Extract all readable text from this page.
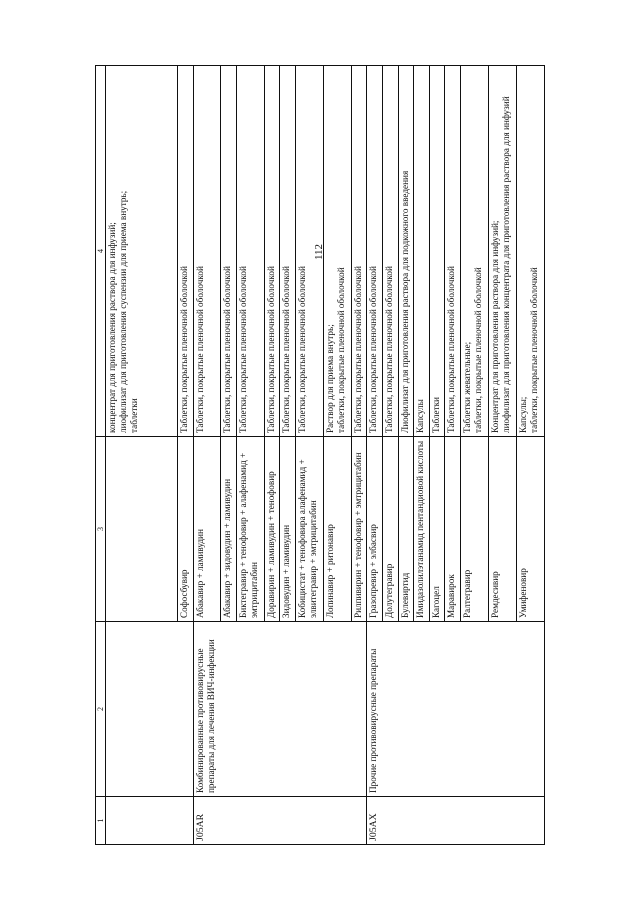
112
1	2	3	4

			концентрат для приготовления раствора для инфузий; лиофилизат для приготовления суспензии для приема внутрь; таблетки

		Софосбувир	Таблетки, покрытые пленочной оболочкой
J05AR	Комбинированные противовирусные препараты для лечения ВИЧ-инфекции	Абакавир + ламивудин	Таблетки, покрытые пленочной оболочкой
		Абакавир + зидовудин + ламивудин	Таблетки, покрытые пленочной оболочкой
		Биктегравир + тенофовир + алафенамид + эмтрицитабин	Таблетки, покрытые пленочной оболочкой
		Доравирин + ламивудин + тенофовир	Таблетки, покрытые пленочной оболочкой
		Зидовудин + ламивудин	Таблетки, покрытые пленочной оболочкой
		Кобицистат + тенофовира алафенамид + элвитегравир + эмтрицитабин	Таблетки, покрытые пленочной оболочкой
		Лопинавир + ритонавир	Раствор для приема внутрь; таблетки, покрытые пленочной оболочкой

		Рилпивирин + тенофовир + эмтрицитабин	Таблетки, покрытые пленочной оболочкой
J05AX	Прочие противовирусные препараты	Гразопревир + элбасвир	Таблетки, покрытые пленочной оболочкой
		Долутегравир	Таблетки, покрытые пленочной оболочкой
		Булевиртид	Лиофилизат для приготовления раствора для подкожного введения
		Имидазолилэтанамид пентандиовой кислоты	Капсулы
		Кагоцел	Таблетки
		Маравирок	Таблетки, покрытые пленочной оболочкой
		Ралтегравир	Таблетки жевательные; таблетки, покрытые пленочной оболочкой

		Ремдесивир	Концентрат для приготовления раствора для инфузий; лиофилизат для приготовления концентрата для приготовления раствора для инфузий

		Умифеновир	Капсулы; таблетки, покрытые пленочной оболочкой
